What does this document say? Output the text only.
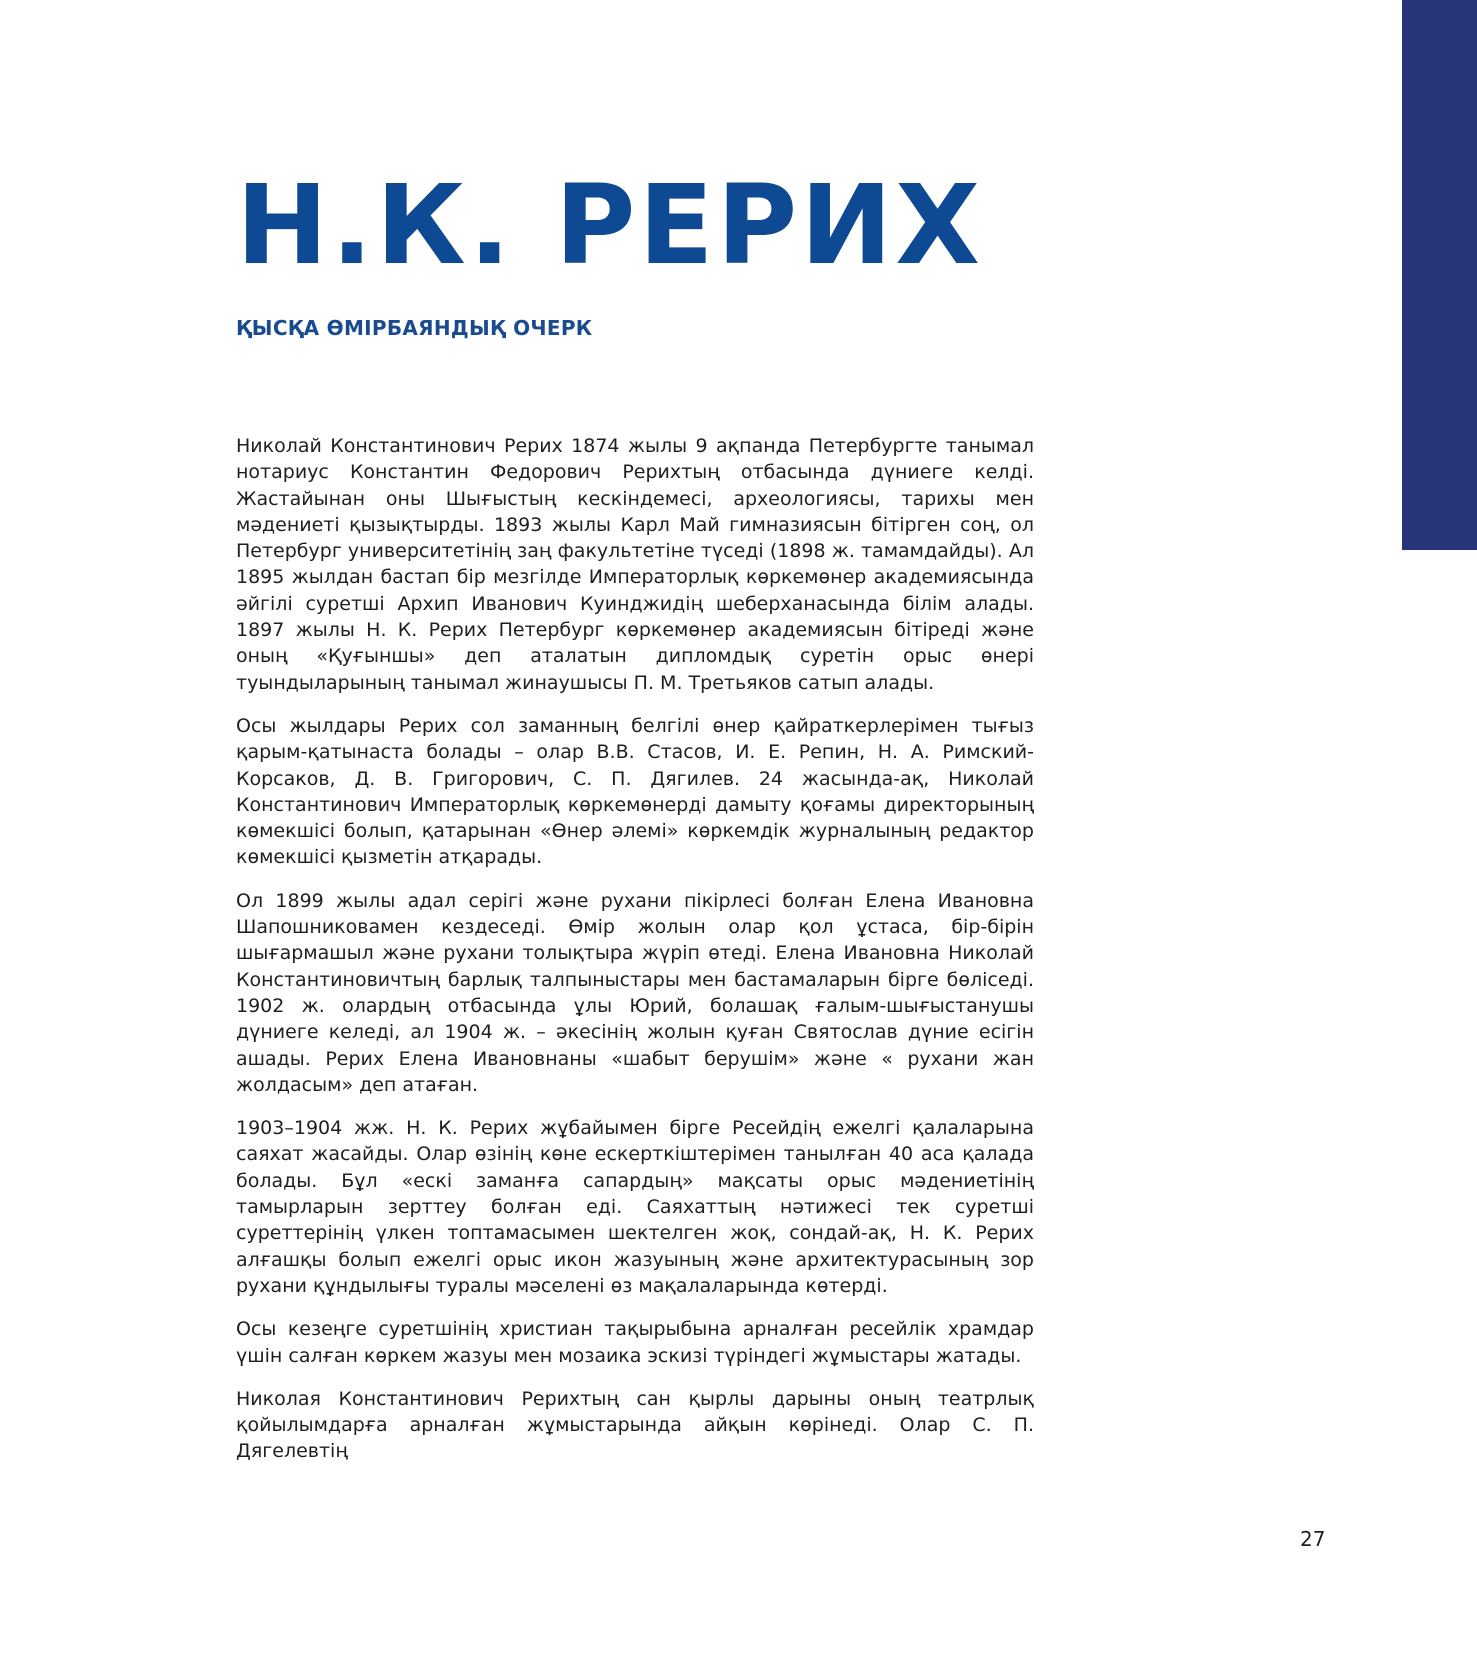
Н.К. РЕРИХ
ҚЫСҚА ӨМІРБАЯНДЫҚ ОЧЕРК

Николай Константинович Рерих 1874 жылы 9 ақпанда Петербургте танымал нотариус Константин Федорович Рерихтың отбасында дүниеге келді. Жастайынан оны Шығыстың кескіндемесі, археологиясы, тарихы мен мәдениеті қызықтырды. 1893 жылы Карл Май гимназиясын бітірген соң, ол Петербург университетінің заң факультетіне түседі (1898 ж. тамамдайды). Ал 1895 жылдан бастап бір мезгілде Императорлық көркемөнер академиясында әйгілі суретші Архип Иванович Куинджидің шеберханасында білім алады. 1897 жылы Н. К. Рерих Петербург көркемөнер академиясын бітіреді және оның «Қуғыншы» деп аталатын дипломдық суретін орыс өнері туындыларының танымал жинаушысы П. М. Третьяков сатып алады.

Осы жылдары Рерих сол заманның белгілі өнер қайраткерлерімен тығыз қарым-қатынаста болады – олар В.В. Стасов, И. Е. Репин, Н. А. Римский-Корсаков, Д. В. Григорович, С. П. Дягилев. 24 жасында-ақ, Николай Константинович Императорлық көркемөнерді дамыту қоғамы директорының көмекшісі болып, қатарынан «Өнер әлемі» көркемдік журналының редактор көмекшісі қызметін атқарады.

Ол 1899 жылы адал серігі және рухани пікірлесі болған Елена Ивановна Шапошниковамен кездеседі. Өмір жолын олар қол ұстаса, бір-бірін шығармашыл және рухани толықтыра жүріп өтеді. Елена Ивановна Николай Константиновичтың барлық талпыныстары мен бастамаларын бірге бөліседі. 1902 ж. олардың отбасында ұлы Юрий, болашақ ғалым-шығыстанушы дүниеге келеді, ал 1904 ж. – әкесінің жолын қуған Святослав дүние есігін ашады. Рерих Елена Ивановнаны «шабыт берушім» және « рухани жан жолдасым» деп атаған.

1903–1904 жж. Н. К. Рерих жұбайымен бірге Ресейдің ежелгі қалаларына саяхат жасайды. Олар өзінің көне ескерткіштерімен танылған 40 аса қалада болады. Бұл «ескі заманға сапардың» мақсаты орыс мәдениетінің тамырларын зерттеу болған еді. Саяхаттың нәтижесі тек суретші суреттерінің үлкен топтамасымен шектелген жоқ, сондай-ақ, Н. К. Рерих алғашқы болып ежелгі орыс икон жазуының және архитектурасының зор рухани құндылығы туралы мәселені өз мақалаларында көтерді.

Осы кезеңге суретшінің христиан тақырыбына арналған ресейлік храмдар үшін салған көркем жазуы мен мозаика эскизі түріндегі жұмыстары жатады.

Николая Константинович Рерихтың сан қырлы дарыны оның театрлық қойылымдарға арналған жұмыстарында айқын көрінеді. Олар С. П. Дягелевтің

27
